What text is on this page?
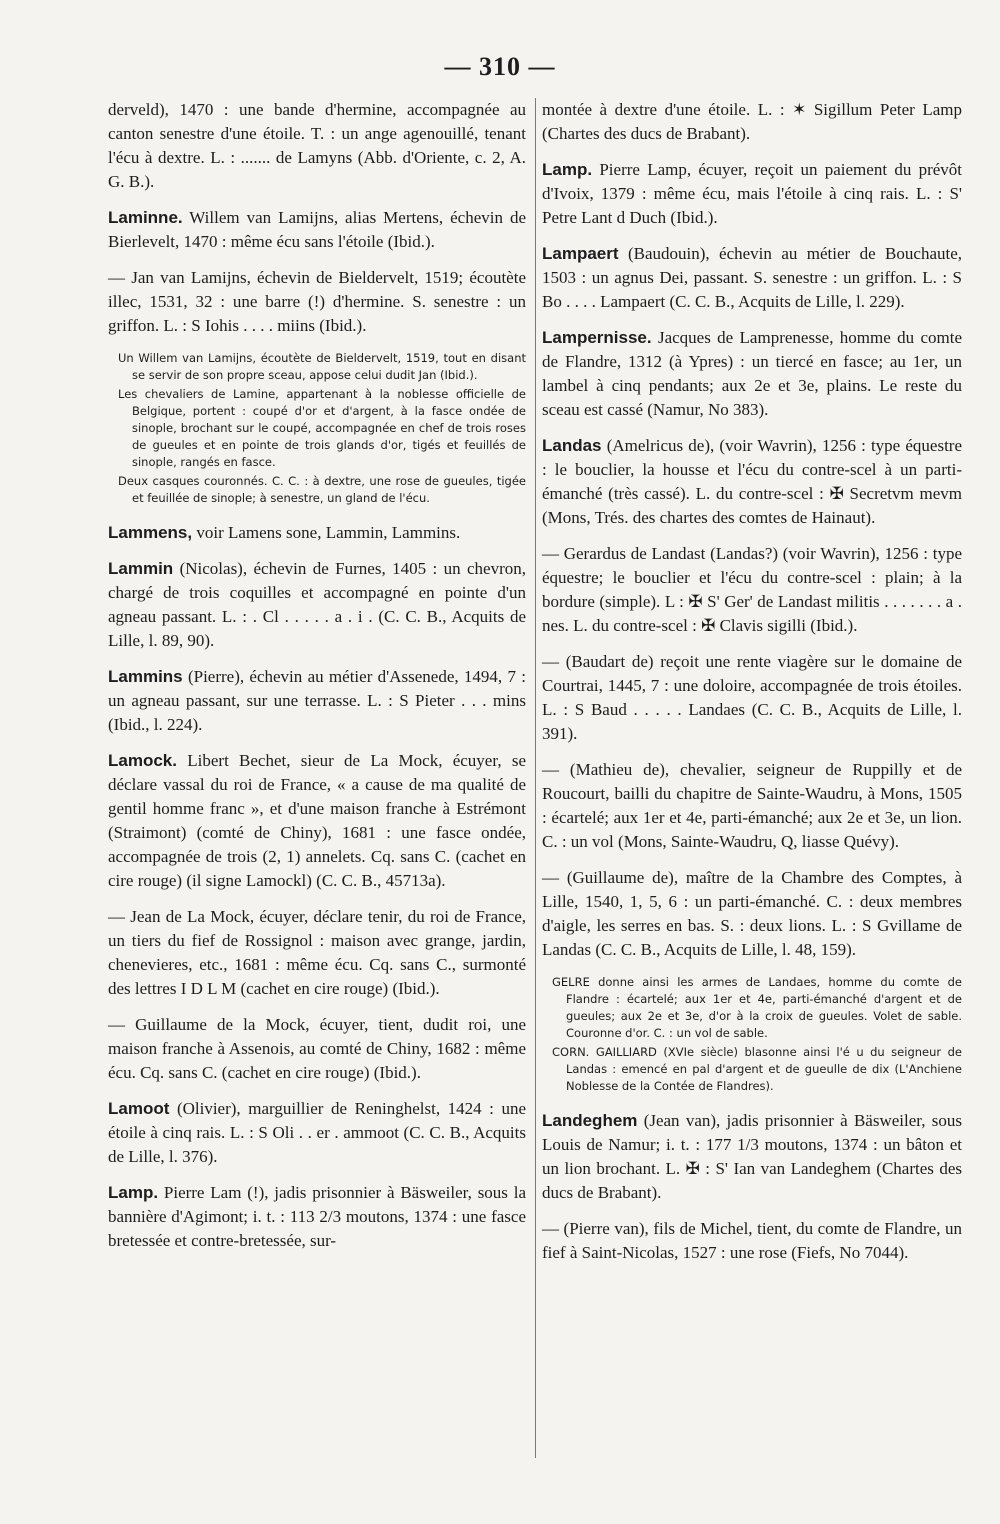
— 310 —

derveld), 1470 : une bande d'hermine, accompagnée au canton senestre d'une étoile. T. : un ange agenouillé, tenant l'écu à dextre. L. : ....... de Lamyns (Abb. d'Oriente, c. 2, A. G. B.).

Laminne. Willem van Lamijns, alias Mertens, échevin de Bierlevelt, 1470 : même écu sans l'étoile (Ibid.).

— Jan van Lamijns, échevin de Bieldervelt, 1519; écoutète illec, 1531, 32 : une barre (!) d'hermine. S. senestre : un griffon. L. : S Iohis . . . . miins (Ibid.).

Un Willem van Lamijns, écoutète de Bieldervelt, 1519, tout en disant se servir de son propre sceau, appose celui dudit Jan (Ibid.).

Les chevaliers de Lamine, appartenant à la noblesse officielle de Belgique, portent : coupé d'or et d'argent, à la fasce ondée de sinople, brochant sur le coupé, accompagnée en chef de trois roses de gueules et en pointe de trois glands d'or, tigés et feuillés de sinople, rangés en fasce.

Deux casques couronnés. C. C. : à dextre, une rose de gueules, tigée et feuillée de sinople; à senestre, un gland de l'écu.

Lammens, voir Lamens sone, Lammin, Lammins.

Lammin (Nicolas), échevin de Furnes, 1405 : un chevron, chargé de trois coquilles et accompagné en pointe d'un agneau passant. L. : . Cl . . . . . a . i . (C. C. B., Acquits de Lille, l. 89, 90).

Lammins (Pierre), échevin au métier d'Assenede, 1494, 7 : un agneau passant, sur une terrasse. L. : S Pieter . . . mins (Ibid., l. 224).

Lamock. Libert Bechet, sieur de La Mock, écuyer, se déclare vassal du roi de France, « a cause de ma qualité de gentil homme franc », et d'une maison franche à Estrémont (Straimont) (comté de Chiny), 1681 : une fasce ondée, accompagnée de trois (2, 1) annelets. Cq. sans C. (cachet en cire rouge) (il signe Lamockl) (C. C. B., 45713a).

— Jean de La Mock, écuyer, déclare tenir, du roi de France, un tiers du fief de Rossignol : maison avec grange, jardin, chenevieres, etc., 1681 : même écu. Cq. sans C., surmonté des lettres I D L M (cachet en cire rouge) (Ibid.).

— Guillaume de la Mock, écuyer, tient, dudit roi, une maison franche à Assenois, au comté de Chiny, 1682 : même écu. Cq. sans C. (cachet en cire rouge) (Ibid.).

Lamoot (Olivier), marguillier de Reninghelst, 1424 : une étoile à cinq rais. L. : S Oli . . er . ammoot (C. C. B., Acquits de Lille, l. 376).

Lamp. Pierre Lam (!), jadis prisonnier à Bäsweiler, sous la bannière d'Agimont; i. t. : 113 2/3 moutons, 1374 : une fasce bretessée et contre-bretessée, sur-

montée à dextre d'une étoile. L. : ✶ Sigillum Peter Lamp (Chartes des ducs de Brabant).

Lamp. Pierre Lamp, écuyer, reçoit un paiement du prévôt d'Ivoix, 1379 : même écu, mais l'étoile à cinq rais. L. : S' Petre Lant d Duch (Ibid.).

Lampaert (Baudouin), échevin au métier de Bouchaute, 1503 : un agnus Dei, passant. S. senestre : un griffon. L. : S Bo . . . . Lampaert (C. C. B., Acquits de Lille, l. 229).

Lampernisse. Jacques de Lamprenesse, homme du comte de Flandre, 1312 (à Ypres) : un tiercé en fasce; au 1er, un lambel à cinq pendants; aux 2e et 3e, plains. Le reste du sceau est cassé (Namur, No 383).

Landas (Amelricus de), (voir Wavrin), 1256 : type équestre : le bouclier, la housse et l'écu du contre-scel à un parti-émanché (très cassé). L. du contre-scel : ✠ Secretvm mevm (Mons, Trés. des chartes des comtes de Hainaut).

— Gerardus de Landast (Landas?) (voir Wavrin), 1256 : type équestre; le bouclier et l'écu du contre-scel : plain; à la bordure (simple). L : ✠ S' Ger' de Landast militis . . . . . . . a . nes. L. du contre-scel : ✠ Clavis sigilli (Ibid.).

— (Baudart de) reçoit une rente viagère sur le domaine de Courtrai, 1445, 7 : une doloire, accompagnée de trois étoiles. L. : S Baud . . . . . Landaes (C. C. B., Acquits de Lille, l. 391).

— (Mathieu de), chevalier, seigneur de Ruppilly et de Roucourt, bailli du chapitre de Sainte-Waudru, à Mons, 1505 : écartelé; aux 1er et 4e, parti-émanché; aux 2e et 3e, un lion. C. : un vol (Mons, Sainte-Waudru, Q, liasse Quévy).

— (Guillaume de), maître de la Chambre des Comptes, à Lille, 1540, 1, 5, 6 : un parti-émanché. C. : deux membres d'aigle, les serres en bas. S. : deux lions. L. : S Gvillame de Landas (C. C. B., Acquits de Lille, l. 48, 159).

GELRE donne ainsi les armes de Landaes, homme du comte de Flandre : écartelé; aux 1er et 4e, parti-émanché d'argent et de gueules; aux 2e et 3e, d'or à la croix de gueules. Volet de sable. Couronne d'or. C. : un vol de sable.

CORN. GAILLIARD (XVIe siècle) blasonne ainsi l'é u du seigneur de Landas : emencé en pal d'argent et de gueulle de dix (L'Anchiene Noblesse de la Contée de Flandres).

Landeghem (Jean van), jadis prisonnier à Bäsweiler, sous Louis de Namur; i. t. : 177 1/3 moutons, 1374 : un bâton et un lion brochant. L. ✠ : S' Ian van Landeghem (Chartes des ducs de Brabant).

— (Pierre van), fils de Michel, tient, du comte de Flandre, un fief à Saint-Nicolas, 1527 : une rose (Fiefs, No 7044).
